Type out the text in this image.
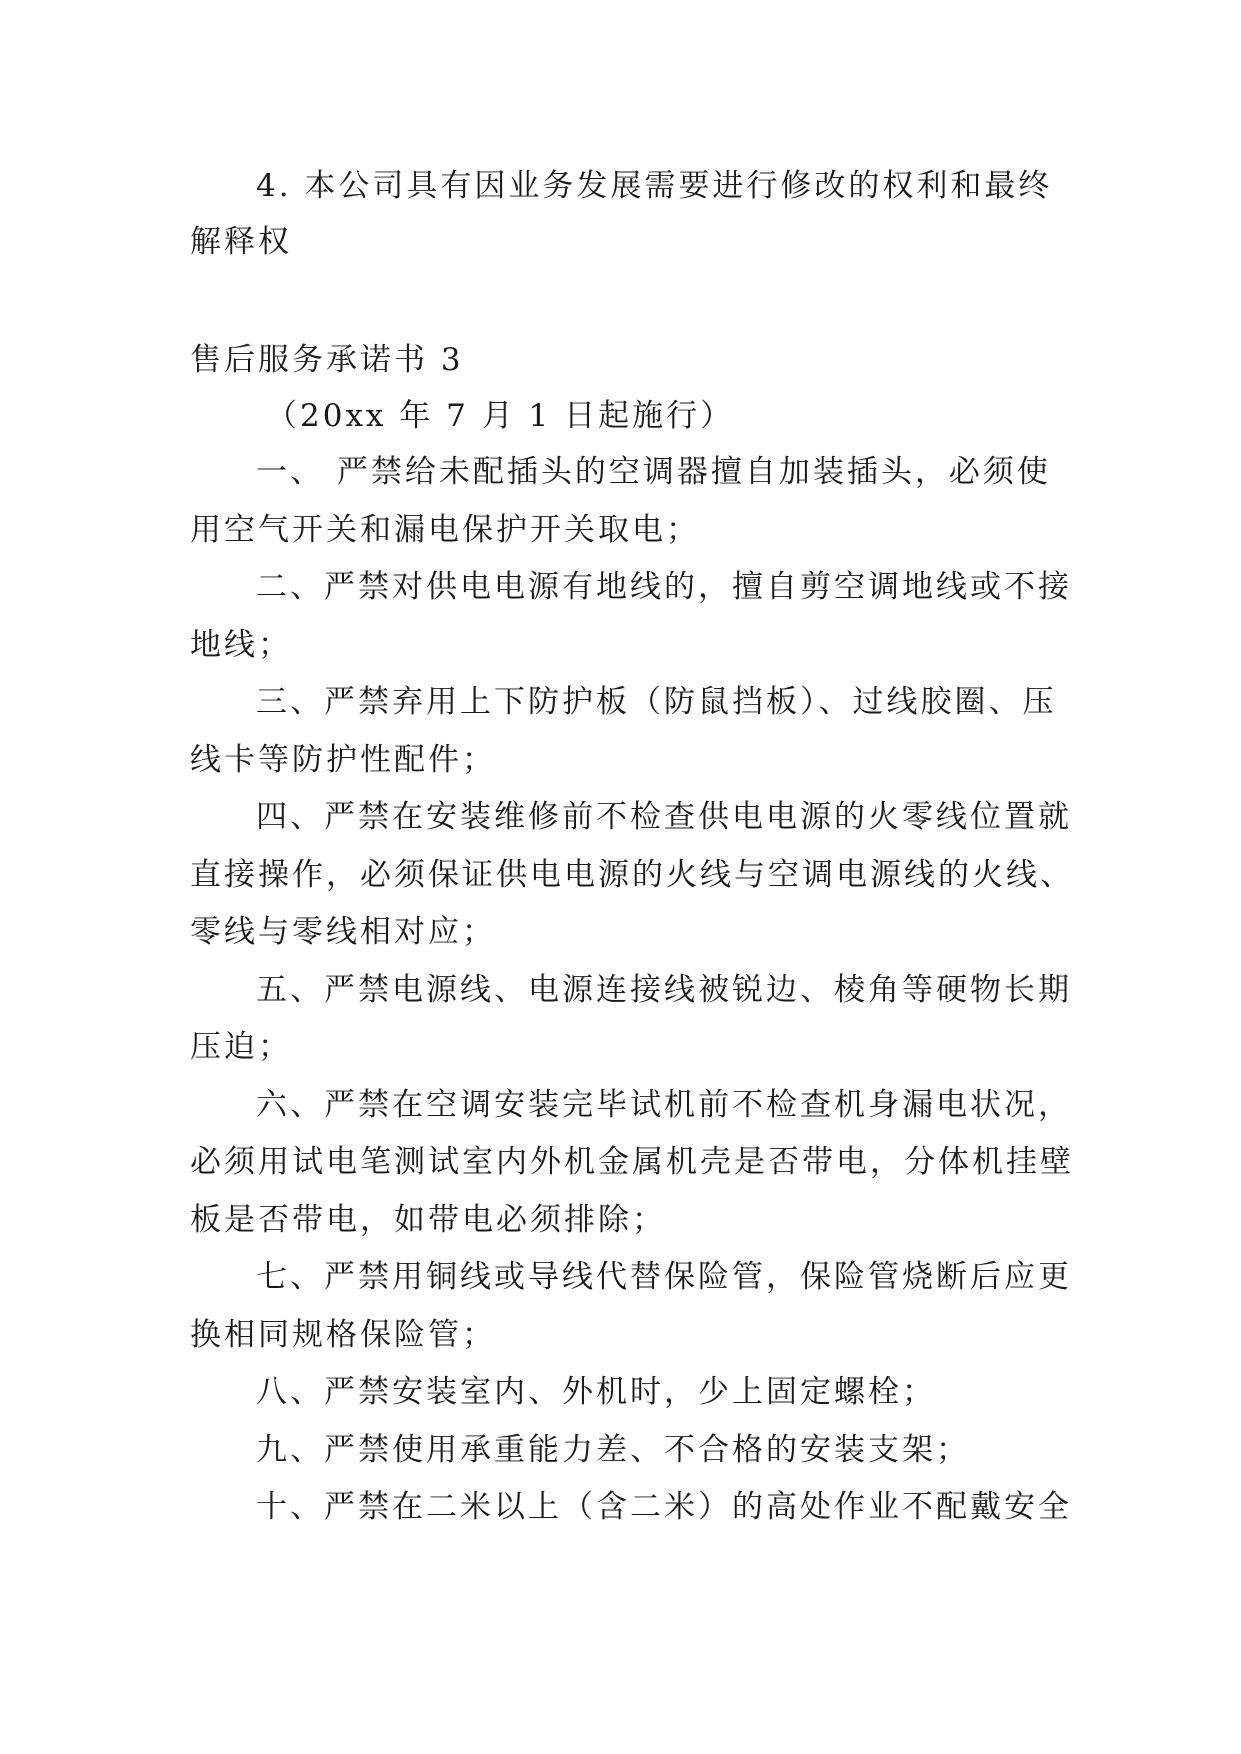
4. 本公司具有因业务发展需要进行修改的权利和最终
解释权
售后服务承诺书 3
（20xx 年 7 月 1 日起施行）
一、 严禁给未配插头的空调器擅自加装插头，必须使
用空气开关和漏电保护开关取电；
二、严禁对供电电源有地线的，擅自剪空调地线或不接
地线；
三、严禁弃用上下防护板（防鼠挡板）、过线胶圈、压
线卡等防护性配件；
四、严禁在安装维修前不检查供电电源的火零线位置就
直接操作，必须保证供电电源的火线与空调电源线的火线、
零线与零线相对应；
五、严禁电源线、电源连接线被锐边、棱角等硬物长期
压迫；
六、严禁在空调安装完毕试机前不检查机身漏电状况，
必须用试电笔测试室内外机金属机壳是否带电，分体机挂壁
板是否带电，如带电必须排除；
七、严禁用铜线或导线代替保险管，保险管烧断后应更
换相同规格保险管；
八、严禁安装室内、外机时，少上固定螺栓；
九、严禁使用承重能力差、不合格的安装支架；
十、严禁在二米以上（含二米）的高处作业不配戴安全
